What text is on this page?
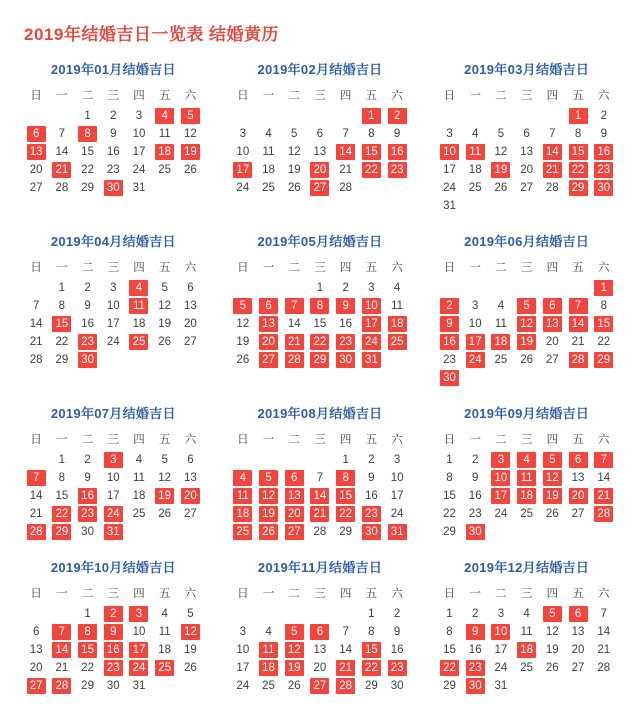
2019年结婚吉日一览表 结婚黄历
2019年01月结婚吉日
日	一	二	三	四	五	六
		1	2	3	4	5
6	7	8	9	10	11	12
13	14	15	16	17	18	19
20	21	22	23	24	25	26
27	28	29	30	31		
2019年02月结婚吉日
日	一	二	三	四	五	六
					1	2
3	4	5	6	7	8	9
10	11	12	13	14	15	16
17	18	19	20	21	22	23
24	25	26	27	28		
2019年03月结婚吉日
日	一	二	三	四	五	六
					1	2
3	4	5	6	7	8	9
10	11	12	13	14	15	16
17	18	19	20	21	22	23
24	25	26	27	28	29	30
31						
2019年04月结婚吉日
日	一	二	三	四	五	六
	1	2	3	4	5	6
7	8	9	10	11	12	13
14	15	16	17	18	19	20
21	22	23	24	25	26	27
28	29	30				
2019年05月结婚吉日
日	一	二	三	四	五	六
			1	2	3	4
5	6	7	8	9	10	11
12	13	14	15	16	17	18
19	20	21	22	23	24	25
26	27	28	29	30	31	
2019年06月结婚吉日
日	一	二	三	四	五	六
						1
2	3	4	5	6	7	8
9	10	11	12	13	14	15
16	17	18	19	20	21	22
23	24	25	26	27	28	29
30						
2019年07月结婚吉日
日	一	二	三	四	五	六
	1	2	3	4	5	6
7	8	9	10	11	12	13
14	15	16	17	18	19	20
21	22	23	24	25	26	27
28	29	30	31			
2019年08月结婚吉日
日	一	二	三	四	五	六
				1	2	3
4	5	6	7	8	9	10
11	12	13	14	15	16	17
18	19	20	21	22	23	24
25	26	27	28	29	30	31
2019年09月结婚吉日
日	一	二	三	四	五	六
1	2	3	4	5	6	7
8	9	10	11	12	13	14
15	16	17	18	19	20	21
22	23	24	25	26	27	28
29	30					
2019年10月结婚吉日
日	一	二	三	四	五	六
		1	2	3	4	5
6	7	8	9	10	11	12
13	14	15	16	17	18	19
20	21	22	23	24	25	26
27	28	29	30	31		
2019年11月结婚吉日
日	一	二	三	四	五	六
					1	2
3	4	5	6	7	8	9
10	11	12	13	14	15	16
17	18	19	20	21	22	23
24	25	26	27	28	29	30
2019年12月结婚吉日
日	一	二	三	四	五	六
1	2	3	4	5	6	7
8	9	10	11	12	13	14
15	16	17	18	19	20	21
22	23	24	25	26	27	28
29	30	31				
